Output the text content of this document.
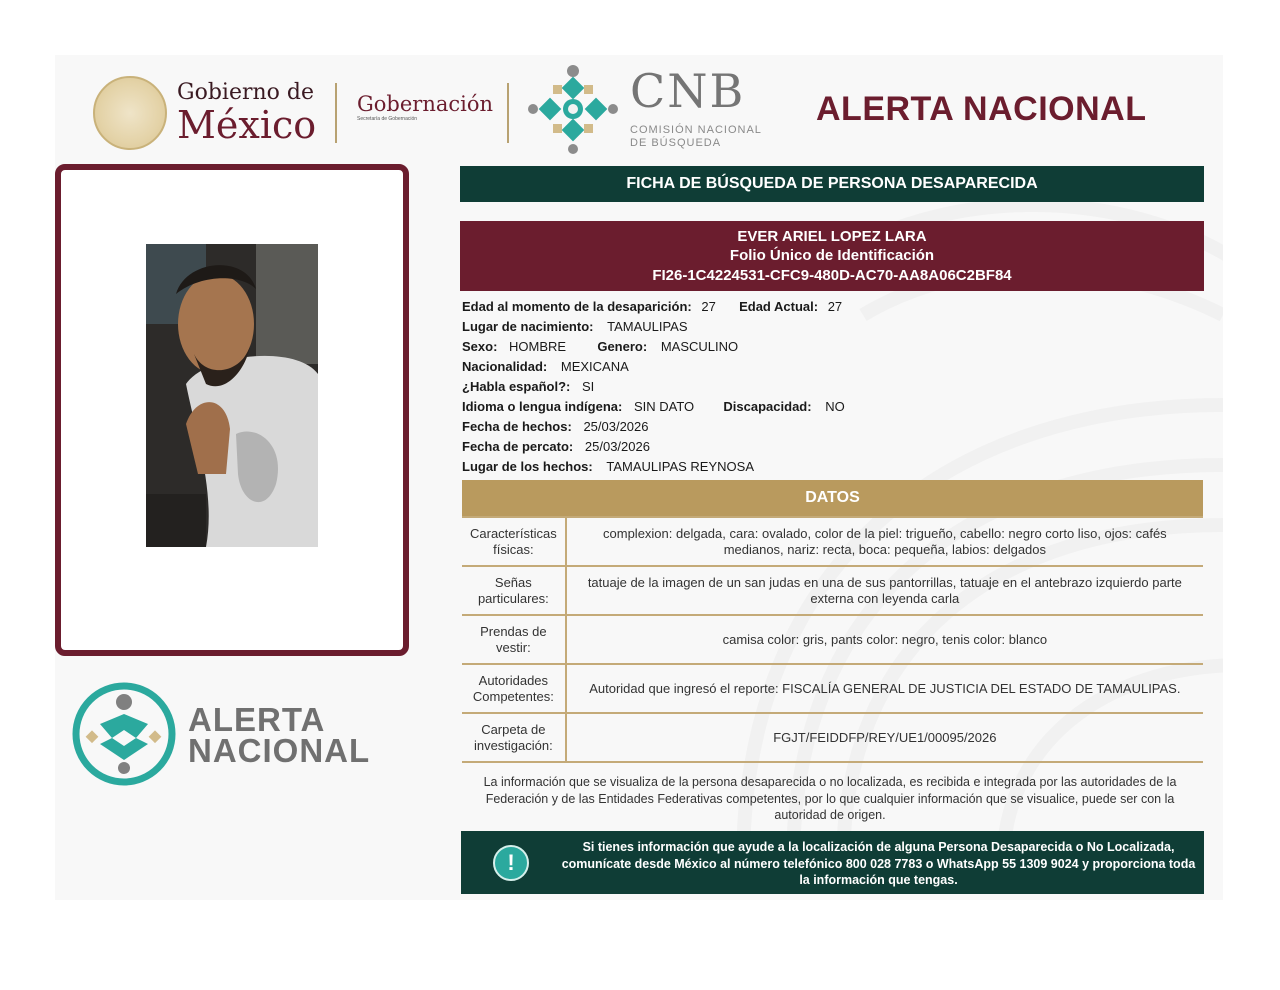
Gobierno de
México Gobernación
Secretaría de Gobernación
CNB
COMISIÓN NACIONAL
DE BÚSQUEDA
ALERTA NACIONAL
ALERTA
NACIONAL
FICHA DE BÚSQUEDA DE PERSONA DESAPARECIDA
EVER ARIEL LOPEZ LARA
Folio Único de Identificación
FI26-1C4224531-CFC9-480D-AC70-AA8A06C2BF84
Edad al momento de la desaparición: 27 Edad Actual: 27
Lugar de nacimiento: TAMAULIPAS
Sexo: HOMBRE Genero: MASCULINO
Nacionalidad: MEXICANA
¿Habla español?: SI
Idioma o lengua indígena: SIN DATO Discapacidad: NO
Fecha de hechos: 25/03/2026
Fecha de percato: 25/03/2026
Lugar de los hechos: TAMAULIPAS REYNOSA
DATOS
Características físicas:	complexion: delgada, cara: ovalado, color de la piel: trigueño, cabello: negro corto liso, ojos: cafés medianos, nariz: recta, boca: pequeña, labios: delgados
Señas particulares:	tatuaje de la imagen de un san judas en una de sus pantorrillas, tatuaje en el antebrazo izquierdo parte externa con leyenda carla
Prendas de vestir:	camisa color: gris, pants color: negro, tenis color: blanco
Autoridades Competentes:	Autoridad que ingresó el reporte: FISCALÍA GENERAL DE JUSTICIA DEL ESTADO DE TAMAULIPAS.
Carpeta de investigación:	FGJT/FEIDDFP/REY/UE1/00095/2026
La información que se visualiza de la persona desaparecida o no localizada, es recibida e integrada por las autoridades de la Federación y de las Entidades Federativas competentes, por lo que cualquier información que se visualice, puede ser con la autoridad de origen.
!
Si tienes información que ayude a la localización de alguna Persona Desaparecida o No Localizada, comunícate desde México al número telefónico 800 028 7783 o WhatsApp 55 1309 9024 y proporciona toda la información que tengas.
